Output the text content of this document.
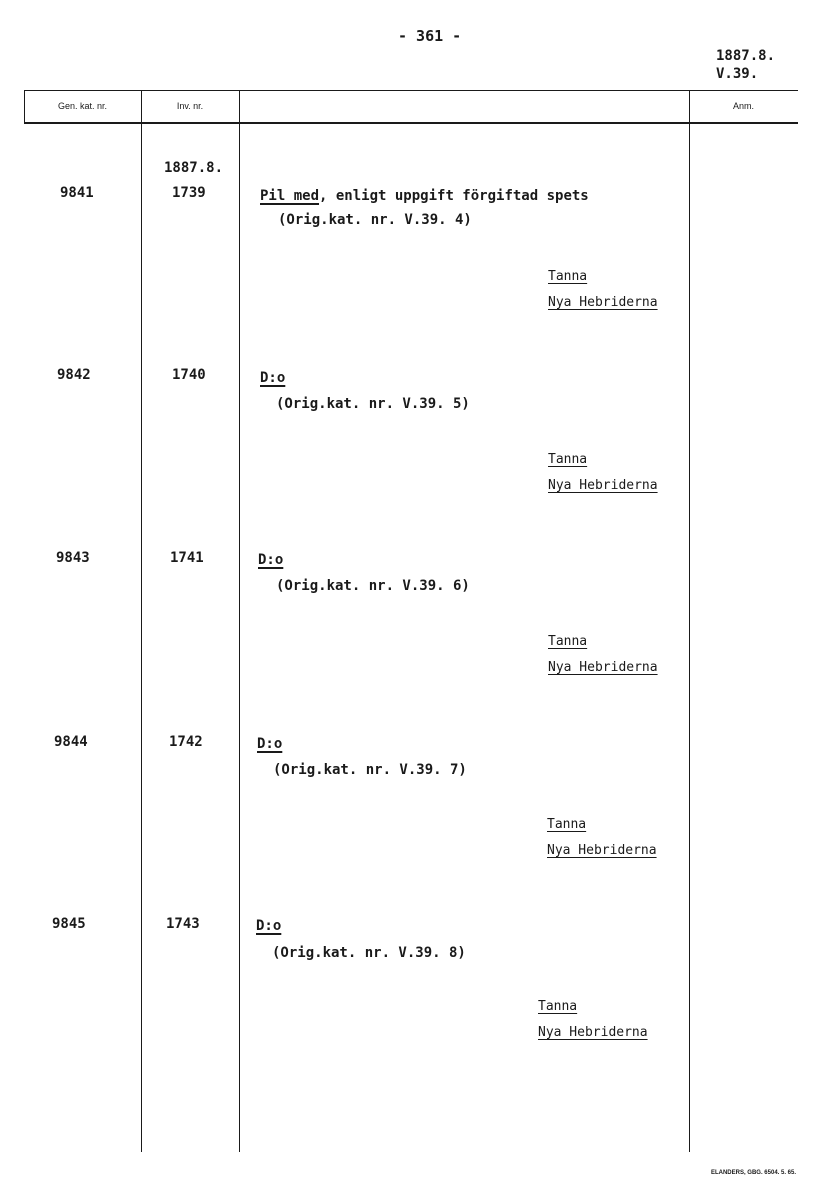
- 361 -
1887.8.
V.39.
Gen. kat. nr.	Inv. nr.	Anm.
1887.8.
9841	1739	Pil med, enligt uppgift förgiftad spets
(Orig.kat. nr. V.39. 4)
Tanna
Nya Hebriderna
9842	1740	D:o
(Orig.kat. nr. V.39. 5)
Tanna
Nya Hebriderna
9843	1741	D:o
(Orig.kat. nr. V.39. 6)
Tanna
Nya Hebriderna
9844	1742	D:o
(Orig.kat. nr. V.39. 7)
Tanna
Nya Hebriderna
9845	1743	D:o
(Orig.kat. nr. V.39. 8)
Tanna
Nya Hebriderna
ELANDERS, GBG. 6504. 5. 65.
